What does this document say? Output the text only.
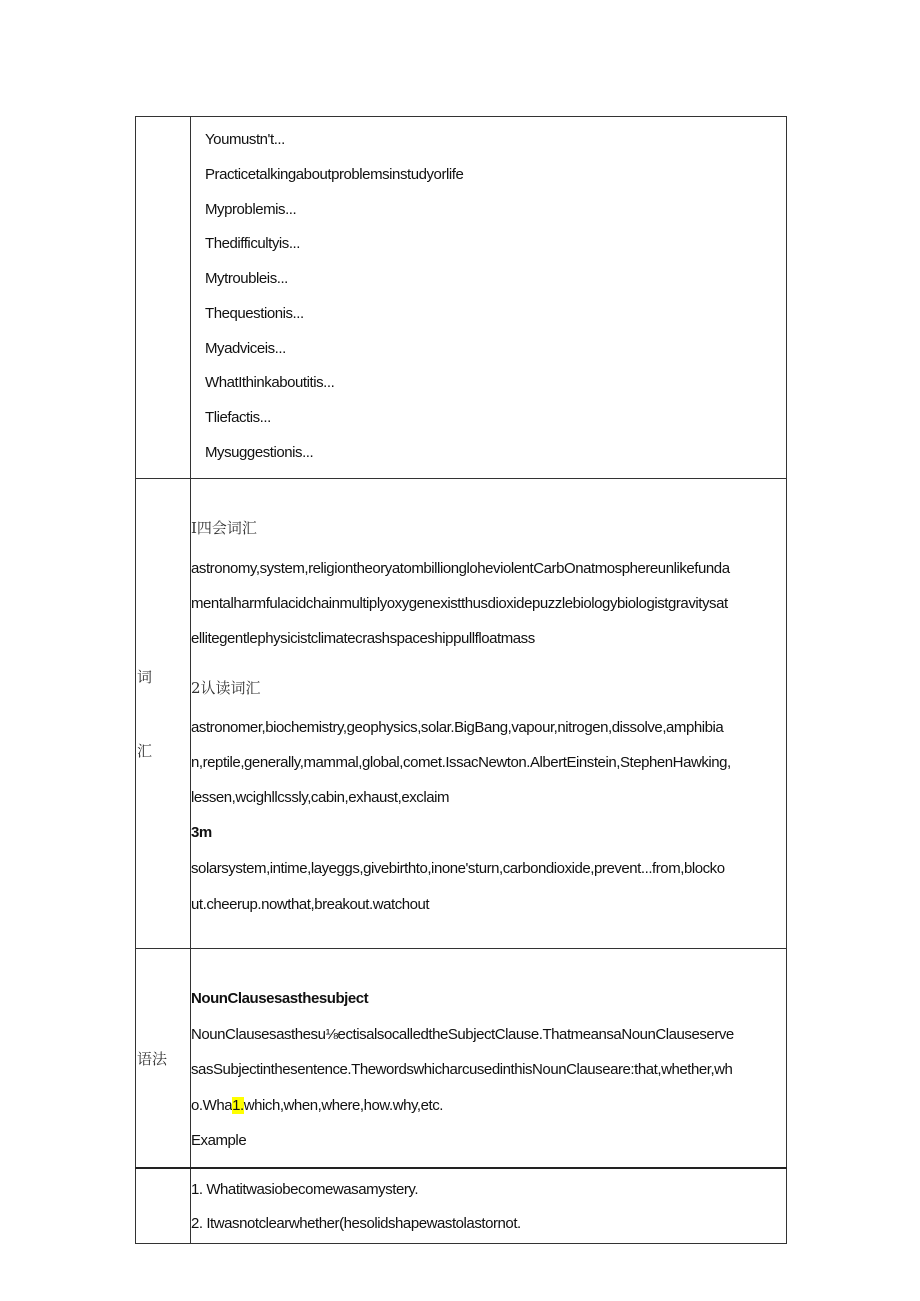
Youmustn't...
Practicetalkingaboutproblemsinstudyorlife
Myproblemis...
Thedifficultyis...
Mytroubleis...
Thequestionis...
Myadviceis...
WhatIthinkaboutitis...
Tliefactis...
Mysuggestionis...
词
汇
I四会词汇
astronomy,system,religiontheoryatombilliongloheviolentCarbOnatmosphereunlikefunda
mentalharmfulacidchainmultiplyoxygenexistthusdioxidepuzzlebiologybiologistgravitysat
ellitegentlephysicistclimatecrashspaceshippullfloatmass
2认读词汇
astronomer,biochemistry,geophysics,solar.BigBang,vapour,nitrogen,dissolve,amphibia
n,reptile,generally,mammal,global,comet.IssacNewton.AlbertEinstein,StephenHawking,
lessen,wcighllcssly,cabin,exhaust,exclaim
3m
solarsystem,intime,layeggs,givebirthto,inone'sturn,carbondioxide,prevent...from,blocko
ut.cheerup.nowthat,breakout.watchout
语法
NounClausesasthesubject
NounClausesasthesu⅛ectisalsocalledtheSubjectClause.ThatmeansaNounClauseserve
sasSubjectinthesentence.ThewordswhicharcusedinthisNounClauseare:that,whether,wh
o.Wha1.which,when,where,how.why,etc.
Example
1. Whatitwasiobecomewasamystery.
2. Itwasnotclearwhether(hesolidshapewastolastornot.
